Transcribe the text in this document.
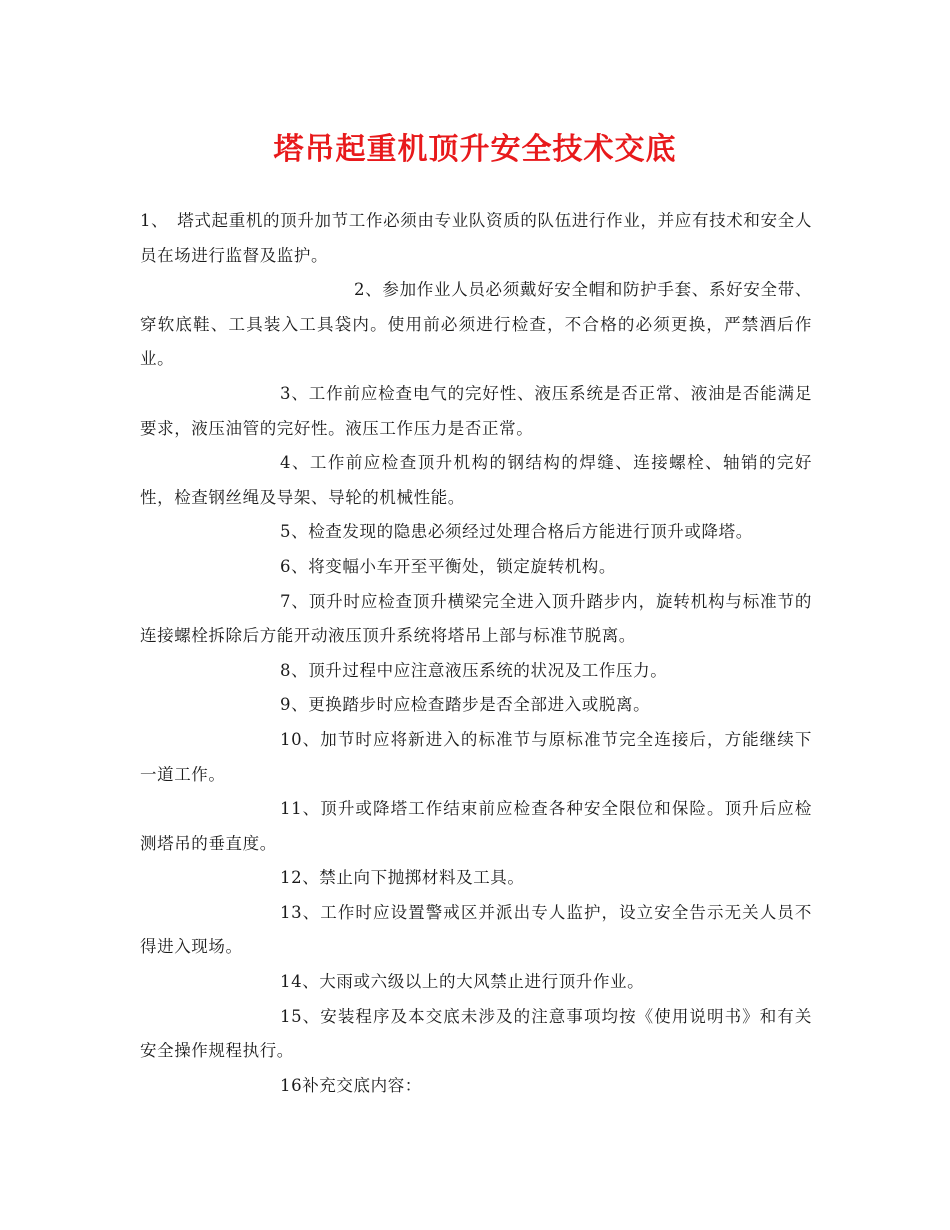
塔吊起重机顶升安全技术交底

1、　塔式起重机的顶升加节工作必须由专业队资质的队伍进行作业，并应有技术和安全人员在场进行监督及监护。

2、参加作业人员必须戴好安全帽和防护手套、系好安全带、穿软底鞋、工具装入工具袋内。使用前必须进行检查，不合格的必须更换，严禁酒后作业。

3、工作前应检查电气的完好性、液压系统是否正常、液油是否能满足要求，液压油管的完好性。液压工作压力是否正常。

4、工作前应检查顶升机构的钢结构的焊缝、连接螺栓、轴销的完好性，检查钢丝绳及导架、导轮的机械性能。

5、检查发现的隐患必须经过处理合格后方能进行顶升或降塔。

6、将变幅小车开至平衡处，锁定旋转机构。

7、顶升时应检查顶升横梁完全进入顶升踏步内，旋转机构与标准节的连接螺栓拆除后方能开动液压顶升系统将塔吊上部与标准节脱离。

8、顶升过程中应注意液压系统的状况及工作压力。

9、更换踏步时应检查踏步是否全部进入或脱离。

10、加节时应将新进入的标准节与原标准节完全连接后，方能继续下一道工作。

11、顶升或降塔工作结束前应检查各种安全限位和保险。顶升后应检测塔吊的垂直度。

12、禁止向下抛掷材料及工具。

13、工作时应设置警戒区并派出专人监护，设立安全告示无关人员不得进入现场。

14、大雨或六级以上的大风禁止进行顶升作业。

15、安装程序及本交底未涉及的注意事项均按《使用说明书》和有关安全操作规程执行。

16补充交底内容：
